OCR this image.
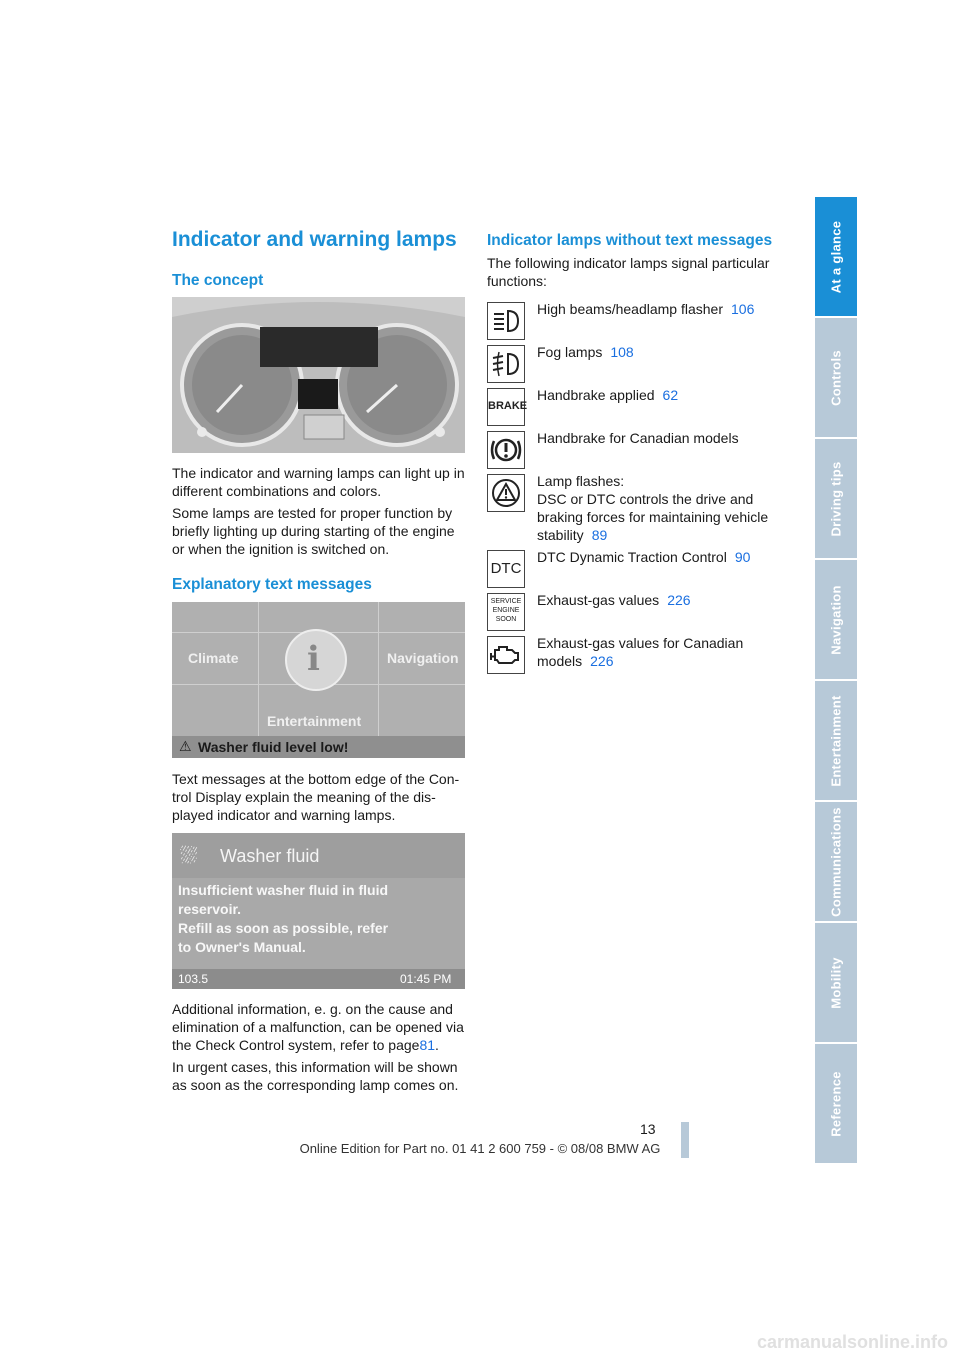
Indicator and warning lamps
The concept

The indicator and warning lamps can light up in different combinations and colors.

Some lamps are tested for proper function by briefly lighting up during starting of the engine or when the ignition is switched on.

Explanatory text messages
i
Climate	Navigation
Entertainment
⚠ Washer fluid level low!

Text messages at the bottom edge of the Con-trol Display explain the meaning of the dis-played indicator and warning lamps.

⛆ Washer fluid
Insufficient washer fluid in fluid
reservoir.
Refill as soon as possible, refer
to Owner's Manual.
103.5	01:45 PM

Additional information, e. g. on the cause and elimination of a malfunction, can be opened via the Check Control system, refer to page81.

In urgent cases, this information will be shown as soon as the corresponding lamp comes on.

Indicator lamps without text messages

The following indicator lamps signal particular functions:

High beams/headlamp flasher 106
Fog lamps 108
BRAKE
Handbrake applied 62
Handbrake for Canadian models
Lamp flashes:
DSC or DTC controls the drive and braking forces for maintaining vehicle stability 89
DTC
DTC Dynamic Traction Control 90
SERVICE
ENGINE
SOON
Exhaust-gas values 226
Exhaust-gas values for Canadian models 226
At a glance
Controls
Driving tips
Navigation
Entertainment
Communications
Mobility
Reference
13
Online Edition for Part no. 01 41 2 600 759 - © 08/08 BMW AG
carmanualsonline.info
